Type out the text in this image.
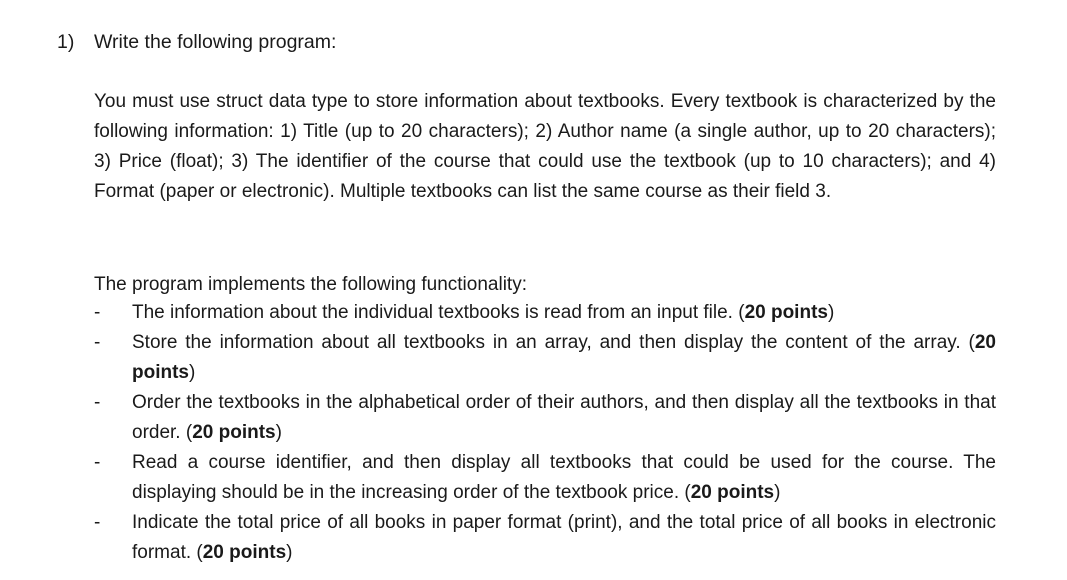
1) Write the following program:

You must use struct data type to store information about textbooks. Every textbook is characterized by the following information: 1) Title (up to 20 characters); 2) Author name (a single author, up to 20 characters); 3) Price (float); 3) The identifier of the course that could use the textbook (up to 10 characters); and 4) Format (paper or electronic). Multiple textbooks can list the same course as their field 3.

The program implements the following functionality:

-	The information about the individual textbooks is read from an input file. (20 points)
-	Store the information about all textbooks in an array, and then display the content of the array. (20 points)
-	Order the textbooks in the alphabetical order of their authors, and then display all the textbooks in that order. (20 points)
-	Read a course identifier, and then display all textbooks that could be used for the course. The displaying should be in the increasing order of the textbook price. (20 points)
-	Indicate the total price of all books in paper format (print), and the total price of all books in electronic format. (20 points)
